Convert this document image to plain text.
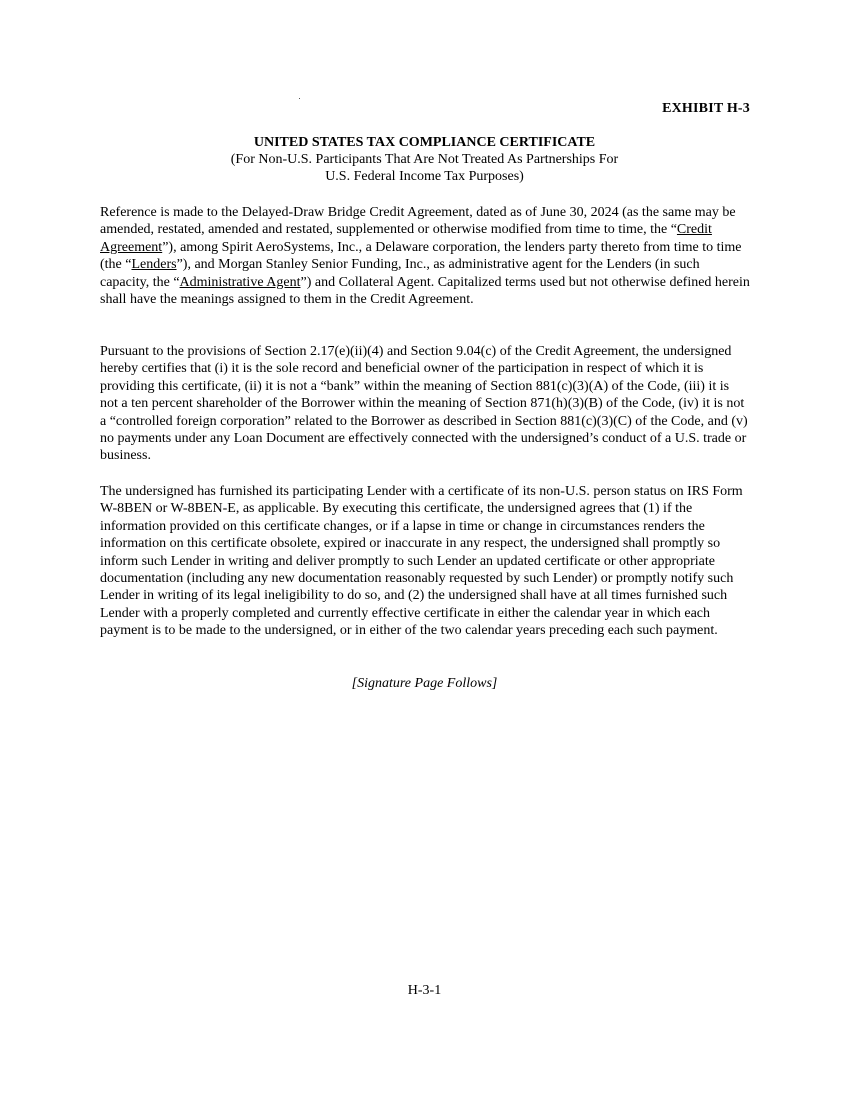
EXHIBIT H-3

UNITED STATES TAX COMPLIANCE CERTIFICATE

(For Non-U.S. Participants That Are Not Treated As Partnerships For

U.S. Federal Income Tax Purposes)

Reference is made to the Delayed-Draw Bridge Credit Agreement, dated as of June 30, 2024 (as the same may be amended, restated, amended and restated, supplemented or otherwise modified from time to time, the “Credit Agreement”), among Spirit AeroSystems, Inc., a Delaware corporation, the lenders party thereto from time to time (the “Lenders”), and Morgan Stanley Senior Funding, Inc., as administrative agent for the Lenders (in such capacity, the “Administrative Agent”) and Collateral Agent. Capitalized terms used but not otherwise defined herein shall have the meanings assigned to them in the Credit Agreement.

Pursuant to the provisions of Section 2.17(e)(ii)(4) and Section 9.04(c) of the Credit Agreement, the undersigned hereby certifies that (i) it is the sole record and beneficial owner of the participation in respect of which it is providing this certificate, (ii) it is not a “bank” within the meaning of Section 881(c)(3)(A) of the Code, (iii) it is not a ten percent shareholder of the Borrower within the meaning of Section 871(h)(3)(B) of the Code, (iv) it is not a “controlled foreign corporation” related to the Borrower as described in Section 881(c)(3)(C) of the Code, and (v) no payments under any Loan Document are effectively connected with the undersigned’s conduct of a U.S. trade or business.

The undersigned has furnished its participating Lender with a certificate of its non-U.S. person status on IRS Form W-8BEN or W-8BEN-E, as applicable. By executing this certificate, the undersigned agrees that (1) if the information provided on this certificate changes, or if a lapse in time or change in circumstances renders the information on this certificate obsolete, expired or inaccurate in any respect, the undersigned shall promptly so inform such Lender in writing and deliver promptly to such Lender an updated certificate or other appropriate documentation (including any new documentation reasonably requested by such Lender) or promptly notify such Lender in writing of its legal ineligibility to do so, and (2) the undersigned shall have at all times furnished such Lender with a properly completed and currently effective certificate in either the calendar year in which each payment is to be made to the undersigned, or in either of the two calendar years preceding each such payment.

[Signature Page Follows]
H-3-1
